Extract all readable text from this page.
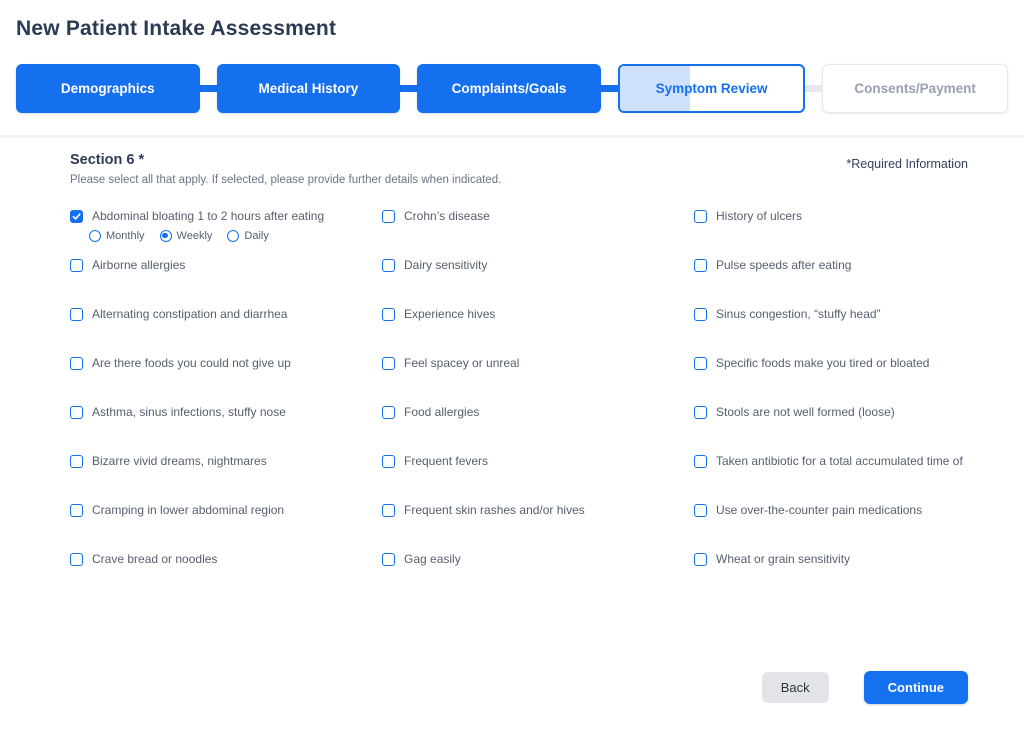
New Patient Intake Assessment
Demographics	Medical History	Complaints/Goals	Symptom Review	Consents/Payment
Section 6 *
Please select all that apply. If selected, please provide further details when indicated.
*Required Information
Abdominal bloating 1 to 2 hours after eating
Monthly	Weekly	Daily
Crohn’s disease	History of ulcers
Airborne allergies	Dairy sensitivity	Pulse speeds after eating
Alternating constipation and diarrhea	Experience hives	Sinus congestion, “stuffy head”
Are there foods you could not give up	Feel spacey or unreal	Specific foods make you tired or bloated
Asthma, sinus infections, stuffy nose	Food allergies	Stools are not well formed (loose)
Bizarre vivid dreams, nightmares	Frequent fevers	Taken antibiotic for a total accumulated time of
Cramping in lower abdominal region	Frequent skin rashes and/or hives	Use over-the-counter pain medications
Crave bread or noodles	Gag easily	Wheat or grain sensitivity
Back	Continue
